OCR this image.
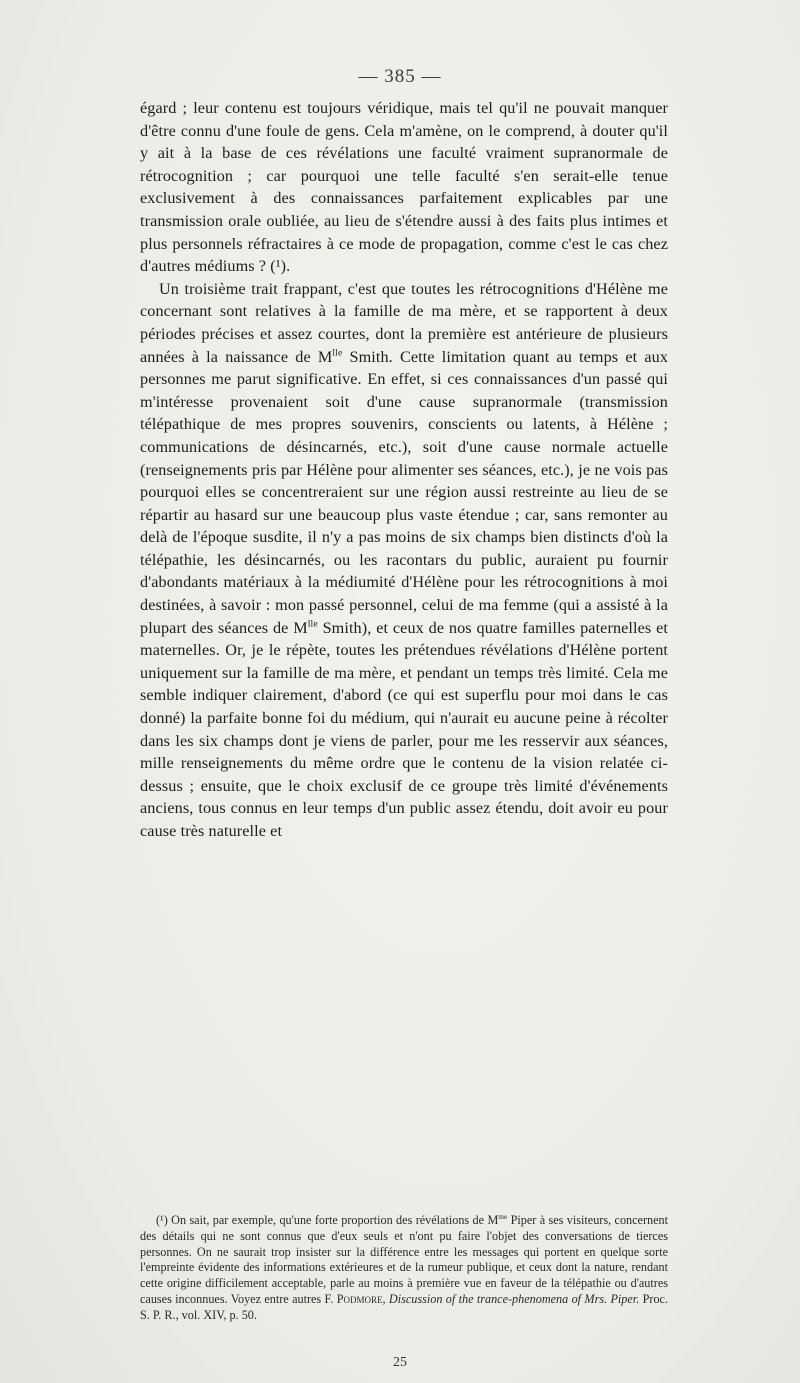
— 385 —

égard ; leur contenu est toujours véridique, mais tel qu'il ne pouvait manquer d'être connu d'une foule de gens. Cela m'amène, on le comprend, à douter qu'il y ait à la base de ces révélations une faculté vraiment supranormale de rétrocognition ; car pourquoi une telle faculté s'en serait-elle tenue exclusivement à des connaissances parfaitement explicables par une transmission orale oubliée, au lieu de s'étendre aussi à des faits plus intimes et plus personnels réfractaires à ce mode de propagation, comme c'est le cas chez d'autres médiums ? (¹).

Un troisième trait frappant, c'est que toutes les rétrocognitions d'Hélène me concernant sont relatives à la famille de ma mère, et se rapportent à deux périodes précises et assez courtes, dont la première est antérieure de plusieurs années à la naissance de $M^{lle}$ Smith. Cette limitation quant au temps et aux personnes me parut significative. En effet, si ces connaissances d'un passé qui m'intéresse provenaient soit d'une cause supranormale (transmission télépathique de mes propres souvenirs, conscients ou latents, à Hélène ; communications de désincarnés, etc.), soit d'une cause normale actuelle (renseignements pris par Hélène pour alimenter ses séances, etc.), je ne vois pas pourquoi elles se concentreraient sur une région aussi restreinte au lieu de se répartir au hasard sur une beaucoup plus vaste étendue ; car, sans remonter au delà de l'époque susdite, il n'y a pas moins de six champs bien distincts d'où la télépathie, les désincarnés, ou les racontars du public, auraient pu fournir d'abondants matériaux à la médiumité d'Hélène pour les rétrocognitions à moi destinées, à savoir : mon passé personnel, celui de ma femme (qui a assisté à la plupart des séances de $M^{lle}$ Smith), et ceux de nos quatre familles paternelles et maternelles. Or, je le répète, toutes les prétendues révélations d'Hélène portent uniquement sur la famille de ma mère, et pendant un temps très limité. Cela me semble indiquer clairement, d'abord (ce qui est superflu pour moi dans le cas donné) la parfaite bonne foi du médium, qui n'aurait eu aucune peine à récolter dans les six champs dont je viens de parler, pour me les resservir aux séances, mille renseignements du même ordre que le contenu de la vision relatée ci-dessus ; ensuite, que le choix exclusif de ce groupe très limité d'événements anciens, tous connus en leur temps d'un public assez étendu, doit avoir eu pour cause très naturelle et

(¹) On sait, par exemple, qu'une forte proportion des révélations de $M^{me}$ Piper à ses visiteurs, concernent des détails qui ne sont connus que d'eux seuls et n'ont pu faire l'objet des conversations de tierces personnes. On ne saurait trop insister sur la différence entre les messages qui portent en quelque sorte l'empreinte évidente des informations extérieures et de la rumeur publique, et ceux dont la nature, rendant cette origine difficilement acceptable, parle au moins à première vue en faveur de la télépathie ou d'autres causes inconnues. Voyez entre autres F. Podmore, Discussion of the trance-phenomena of Mrs. Piper. Proc. S. P. R., vol. XIV, p. 50.

25
